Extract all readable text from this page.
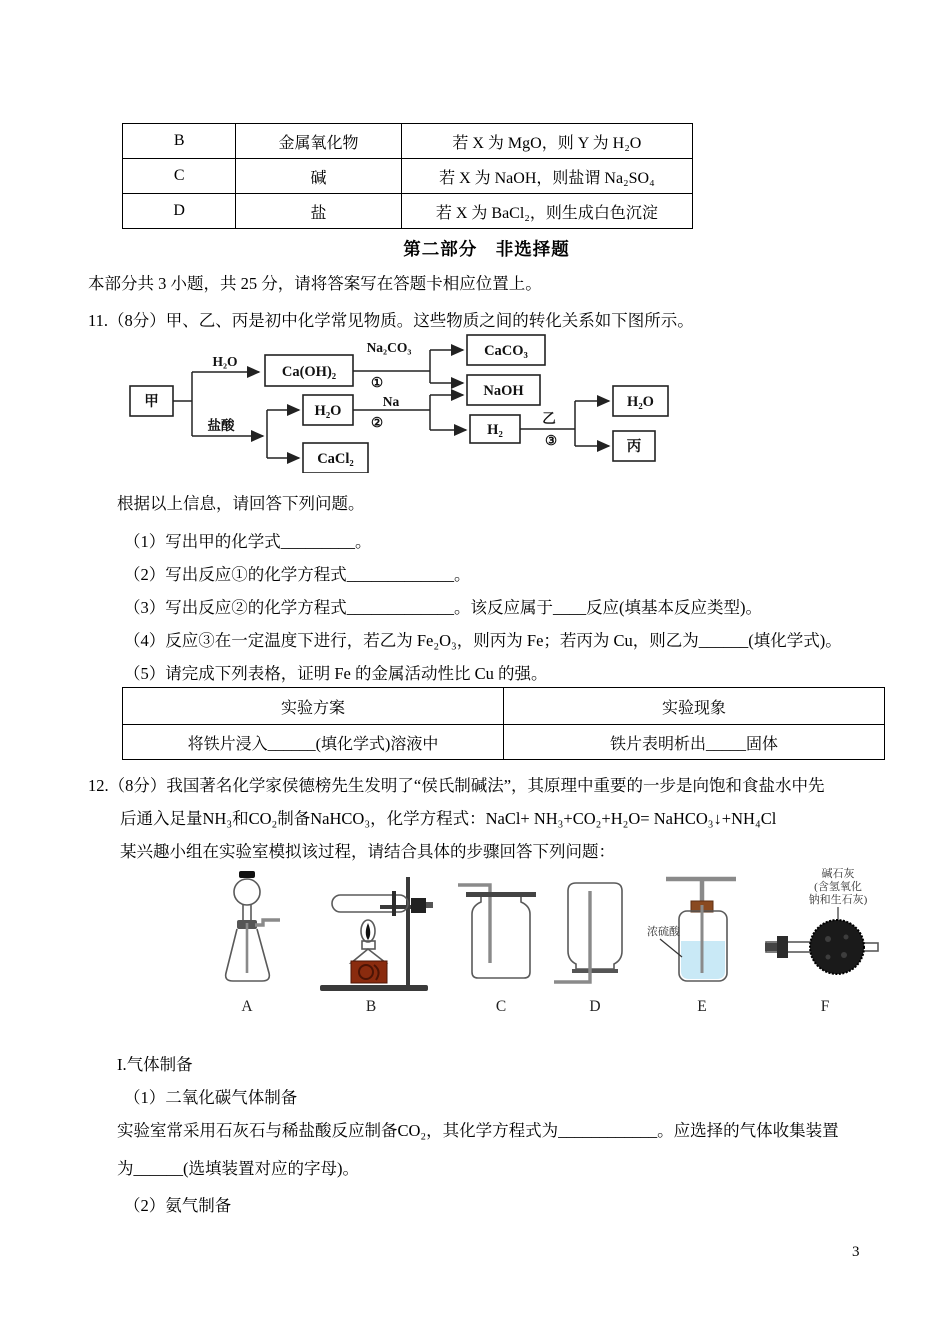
B	金属氧化物	若 X 为 MgO，则 Y 为 H₂O
C	碱	若 X 为 NaOH，则盐谓 Na₂SO₄
D	盐	若 X 为 BaCl₂，则生成白色沉淀
第二部分　非选择题

本部分共 3 小题，共 25 分，请将答案写在答题卡相应位置上。

11.（8分）甲、乙、丙是初中化学常见物质。这些物质之间的转化关系如下图所示。

甲
Ca(OH)₂
H₂O
CaCl₂
CaCO₃
NaOH
H₂
H₂O
丙
H₂O
盐酸
Na₂CO₃
①
Na
②	乙
③

根据以上信息，请回答下列问题。

（1）写出甲的化学式_________。

（2）写出反应①的化学方程式_____________。

（3）写出反应②的化学方程式_____________。该反应属于____反应(填基本反应类型)。

（4）反应③在一定温度下进行，若乙为 Fe₂O₃，则丙为 Fe；若丙为 Cu，则乙为______(填化学式)。

（5）请完成下列表格，证明 Fe 的金属活动性比 Cu 的强。

实验方案	实验现象
将铁片浸入______(填化学式)溶液中	铁片表明析出_____固体

12.（8分）我国著名化学家侯德榜先生发明了“侯氏制碱法”，其原理中重要的一步是向饱和食盐水中先

后通入足量NH₃和CO₂制备NaHCO₃，化学方程式：NaCl+ NH₃+CO₂+H₂O= NaHCO₃↓+NH₄Cl

某兴趣小组在实验室模拟该过程，请结合具体的步骤回答下列问题：

A	B	C	D
浓硫酸
E
碱石灰
(含氢氧化
钠和生石灰)
F

I.气体制备

（1）二氧化碳气体制备

实验室常采用石灰石与稀盐酸反应制备CO₂，其化学方程式为____________。应选择的气体收集装置

为______(选填装置对应的字母)。

（2）氨气制备

3
